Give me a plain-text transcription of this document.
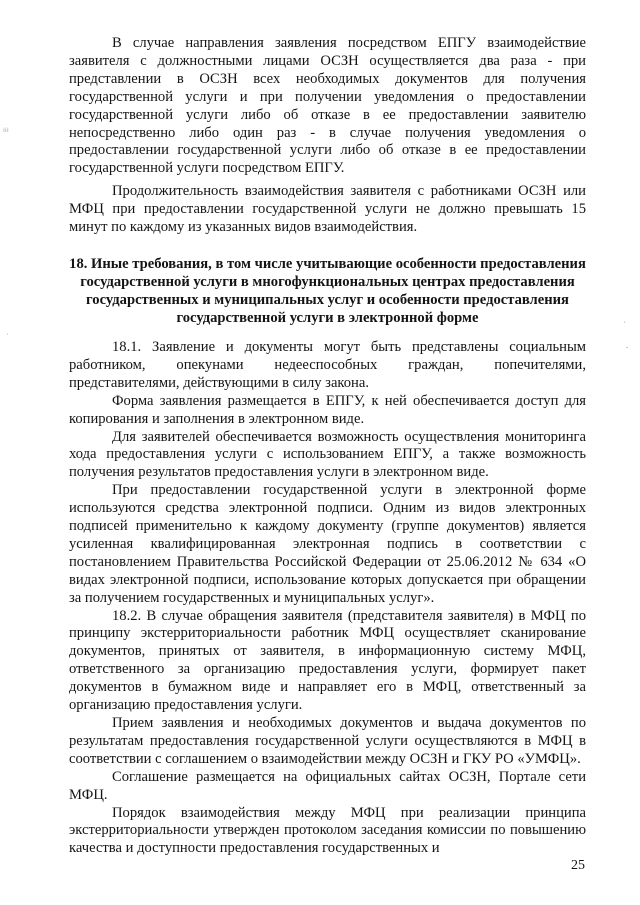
⁞⁞⁞
ˌ
ˈ
‐

В случае направления заявления посредством ЕПГУ взаимодействие заявителя с должностными лицами ОСЗН осуществляется два раза - при представлении в ОСЗН всех необходимых документов для получения государственной услуги и при получении уведомления о предоставлении государственной услуги либо об отказе в ее предоставлении заявителю непосредственно либо один раз - в случае получения уведомления о предоставлении государственной услуги либо об отказе в ее предоставлении государственной услуги посредством ЕПГУ.

Продолжительность взаимодействия заявителя с работниками ОСЗН или МФЦ при предоставлении государственной услуги не должно превышать 15 минут по каждому из указанных видов взаимодействия.

18. Иные требования, в том числе учитывающие особенности предоставления государственной услуги в многофункциональных центрах предоставления государственных и муниципальных услуг и особенности предоставления государственной услуги в электронной форме

18.1. Заявление и документы могут быть представлены социальным работником, опекунами недееспособных граждан, попечителями, представителями, действующими в силу закона.

Форма заявления размещается в ЕПГУ, к ней обеспечивается доступ для копирования и заполнения в электронном виде.

Для заявителей обеспечивается возможность осуществления мониторинга хода предоставления услуги с использованием ЕПГУ, а также возможность получения результатов предоставления услуги в электронном виде.

При предоставлении государственной услуги в электронной форме используются средства электронной подписи. Одним из видов электронных подписей применительно к каждому документу (группе документов) является усиленная квалифицированная электронная подпись в соответствии с постановлением Правительства Российской Федерации от 25.06.2012 № 634 «О видах электронной подписи, использование которых допускается при обращении за получением государственных и муниципальных услуг».

18.2. В случае обращения заявителя (представителя заявителя) в МФЦ по принципу экстерриториальности работник МФЦ осуществляет сканирование документов, принятых от заявителя, в информационную систему МФЦ, ответственного за организацию предоставления услуги, формирует пакет документов в бумажном виде и направляет его в МФЦ, ответственный за организацию предоставления услуги.

Прием заявления и необходимых документов и выдача документов по результатам предоставления государственной услуги осуществляются в МФЦ в соответствии с соглашением о взаимодействии между ОСЗН и ГКУ РО «УМФЦ».

Соглашение размещается на официальных сайтах ОСЗН, Портале сети МФЦ.

Порядок взаимодействия между МФЦ при реализации принципа экстерриториальности утвержден протоколом заседания комиссии по повышению качества и доступности предоставления государственных и

25
